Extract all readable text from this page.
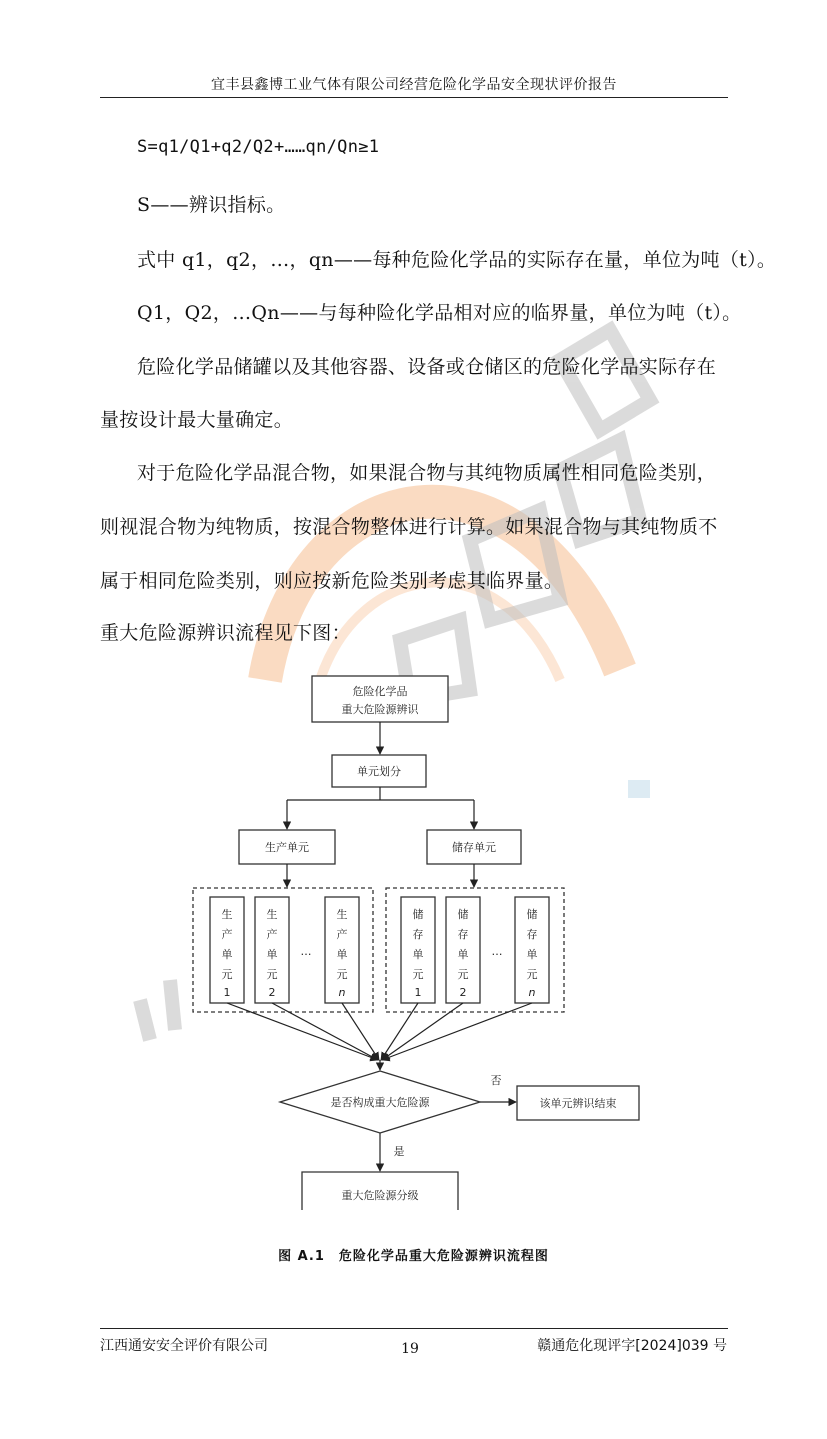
宜丰县鑫博工业气体有限公司经营危险化学品安全现状评价报告
S=q1/Q1+q2/Q2+……qn/Qn≥1
S——辨识指标。
式中 q1，q2，…，qn——每种危险化学品的实际存在量，单位为吨（t）。
Q1，Q2，…Qn——与每种险化学品相对应的临界量，单位为吨（t）。
危险化学品储罐以及其他容器、设备或仓储区的危险化学品实际存在
量按设计最大量确定。
对于危险化学品混合物，如果混合物与其纯物质属性相同危险类别，
则视混合物为纯物质，按混合物整体进行计算。如果混合物与其纯物质不
属于相同危险类别，则应按新危险类别考虑其临界量。
重大危险源辨识流程见下图：
危险化学品
重大危险源辨识
单元划分
生产单元	储存单元
生
产
单
元
1
生
产
单
元
2
生
产
单
元
n
…
储
存
单
元
1
储
存
单
元
2
储
存
单
元
n
…
是否构成重大危险源
否
该单元辨识结束
是
重大危险源分级
图 A.1　危险化学品重大危险源辨识流程图
江西通安安全评价有限公司	19	赣通危化现评字[2024]039 号
